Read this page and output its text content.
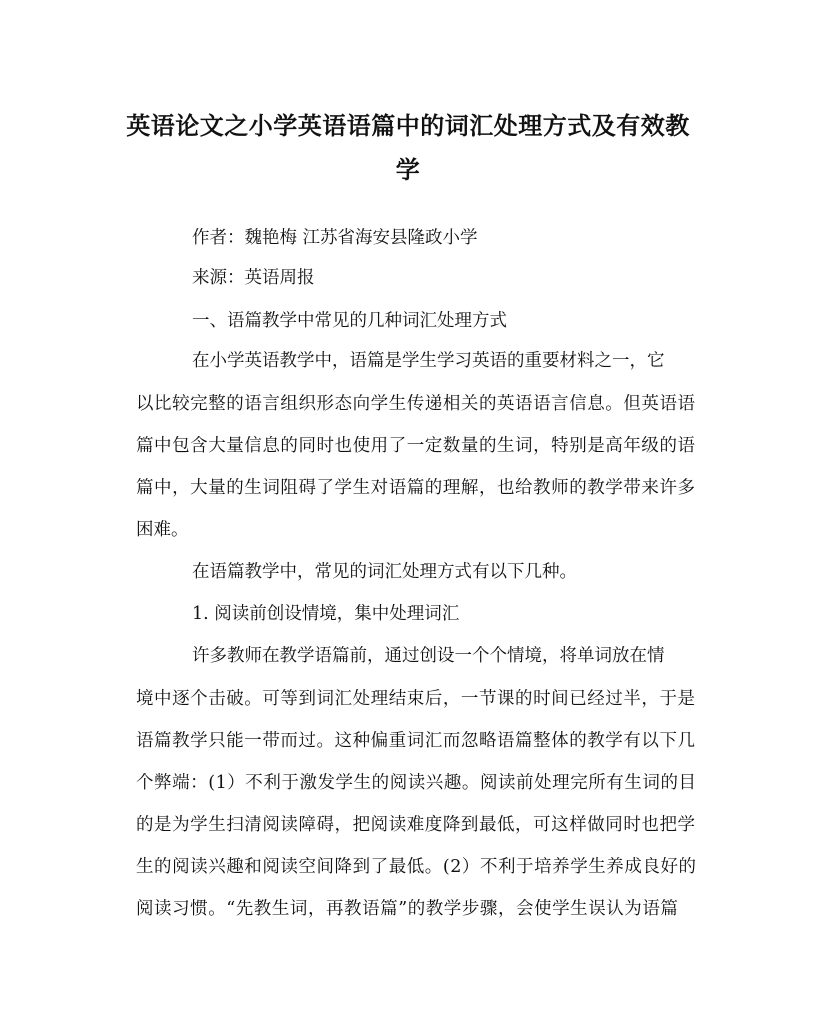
英语论文之小学英语语篇中的词汇处理方式及有效教
学
作者：魏艳梅 江苏省海安县隆政小学
来源：英语周报
一、语篇教学中常见的几种词汇处理方式
在小学英语教学中，语篇是学生学习英语的重要材料之一，它
以比较完整的语言组织形态向学生传递相关的英语语言信息。但英语语
篇中包含大量信息的同时也使用了一定数量的生词，特别是高年级的语
篇中，大量的生词阻碍了学生对语篇的理解，也给教师的教学带来许多
困难。
在语篇教学中，常见的词汇处理方式有以下几种。
1. 阅读前创设情境，集中处理词汇
许多教师在教学语篇前，通过创设一个个情境，将单词放在情
境中逐个击破。可等到词汇处理结束后，一节课的时间已经过半，于是
语篇教学只能一带而过。这种偏重词汇而忽略语篇整体的教学有以下几
个弊端：(1）不利于激发学生的阅读兴趣。阅读前处理完所有生词的目
的是为学生扫清阅读障碍，把阅读难度降到最低，可这样做同时也把学
生的阅读兴趣和阅读空间降到了最低。(2）不利于培养学生养成良好的
阅读习惯。“先教生词，再教语篇”的教学步骤，会使学生误认为语篇
